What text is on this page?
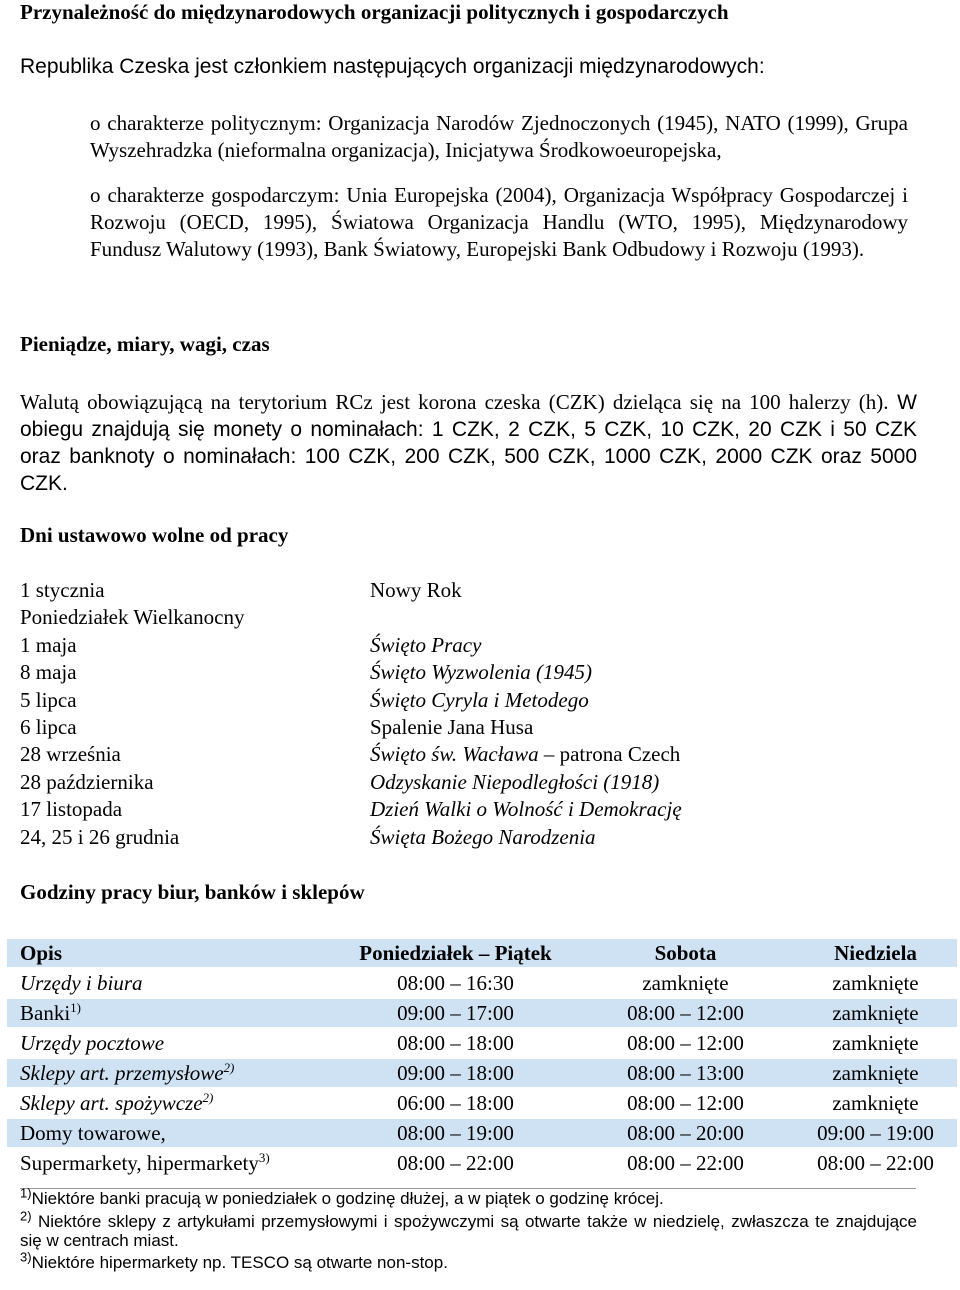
Przynależność do międzynarodowych organizacji politycznych i gospodarczych
Republika Czeska jest członkiem następujących organizacji międzynarodowych:

o charakterze politycznym: Organizacja Narodów Zjednoczonych (1945), NATO (1999), Grupa Wyszehradzka (nieformalna organizacja), Inicjatywa Środkowoeuropejska,

o charakterze gospodarczym: Unia Europejska (2004), Organizacja Współpracy Gospodarczej i Rozwoju (OECD, 1995), Światowa Organizacja Handlu (WTO, 1995), Międzynarodowy Fundusz Walutowy (1993), Bank Światowy, Europejski Bank Odbudowy i Rozwoju (1993).

Pieniądze, miary, wagi, czas
Walutą obowiązującą na terytorium RCz jest korona czeska (CZK) dzieląca się na 100 halerzy (h). W obiegu znajdują się monety o nominałach: 1 CZK, 2 CZK, 5 CZK, 10 CZK, 20 CZK i 50 CZK oraz banknoty o nominałach: 100 CZK, 200 CZK, 500 CZK, 1000 CZK, 2000 CZK oraz 5000 CZK.
Dni ustawowo wolne od pracy
1 stycznia	Nowy Rok
Poniedziałek Wielkanocny
1 maja	Święto Pracy
8 maja	Święto Wyzwolenia (1945)
5 lipca	Święto Cyryla i Metodego
6 lipca	Spalenie Jana Husa
28 września	Święto św. Wacława – patrona Czech
28 października	Odzyskanie Niepodległości (1918)
17 listopada	Dzień Walki o Wolność i Demokrację
24, 25 i 26 grudnia	Święta Bożego Narodzenia
Godziny pracy biur, banków i sklepów
Opis	Poniedziałek – Piątek	Sobota	Niedziela
Urzędy i biura	08:00 – 16:30	zamknięte	zamknięte
Banki$^{1)}$	09:00 – 17:00	08:00 – 12:00	zamknięte
Urzędy pocztowe	08:00 – 18:00	08:00 – 12:00	zamknięte
Sklepy art. przemysłowe$^{2)}$	09:00 – 18:00	08:00 – 13:00	zamknięte
Sklepy art. spożywcze$^{2)}$	06:00 – 18:00	08:00 – 12:00	zamknięte
Domy towarowe,	08:00 – 19:00	08:00 – 20:00	09:00 – 19:00
Supermarkety, hipermarkety$^{3)}$	08:00 – 22:00	08:00 – 22:00	08:00 – 22:00

$^{1)}$Niektóre banki pracują w poniedziałek o godzinę dłużej, a w piątek o godzinę krócej.

$^{2)}$ Niektóre sklepy z artykułami przemysłowymi i spożywczymi są otwarte także w niedzielę, zwłaszcza te znajdujące się w centrach miast.

$^{3)}$Niektóre hipermarkety np. TESCO są otwarte non-stop.
